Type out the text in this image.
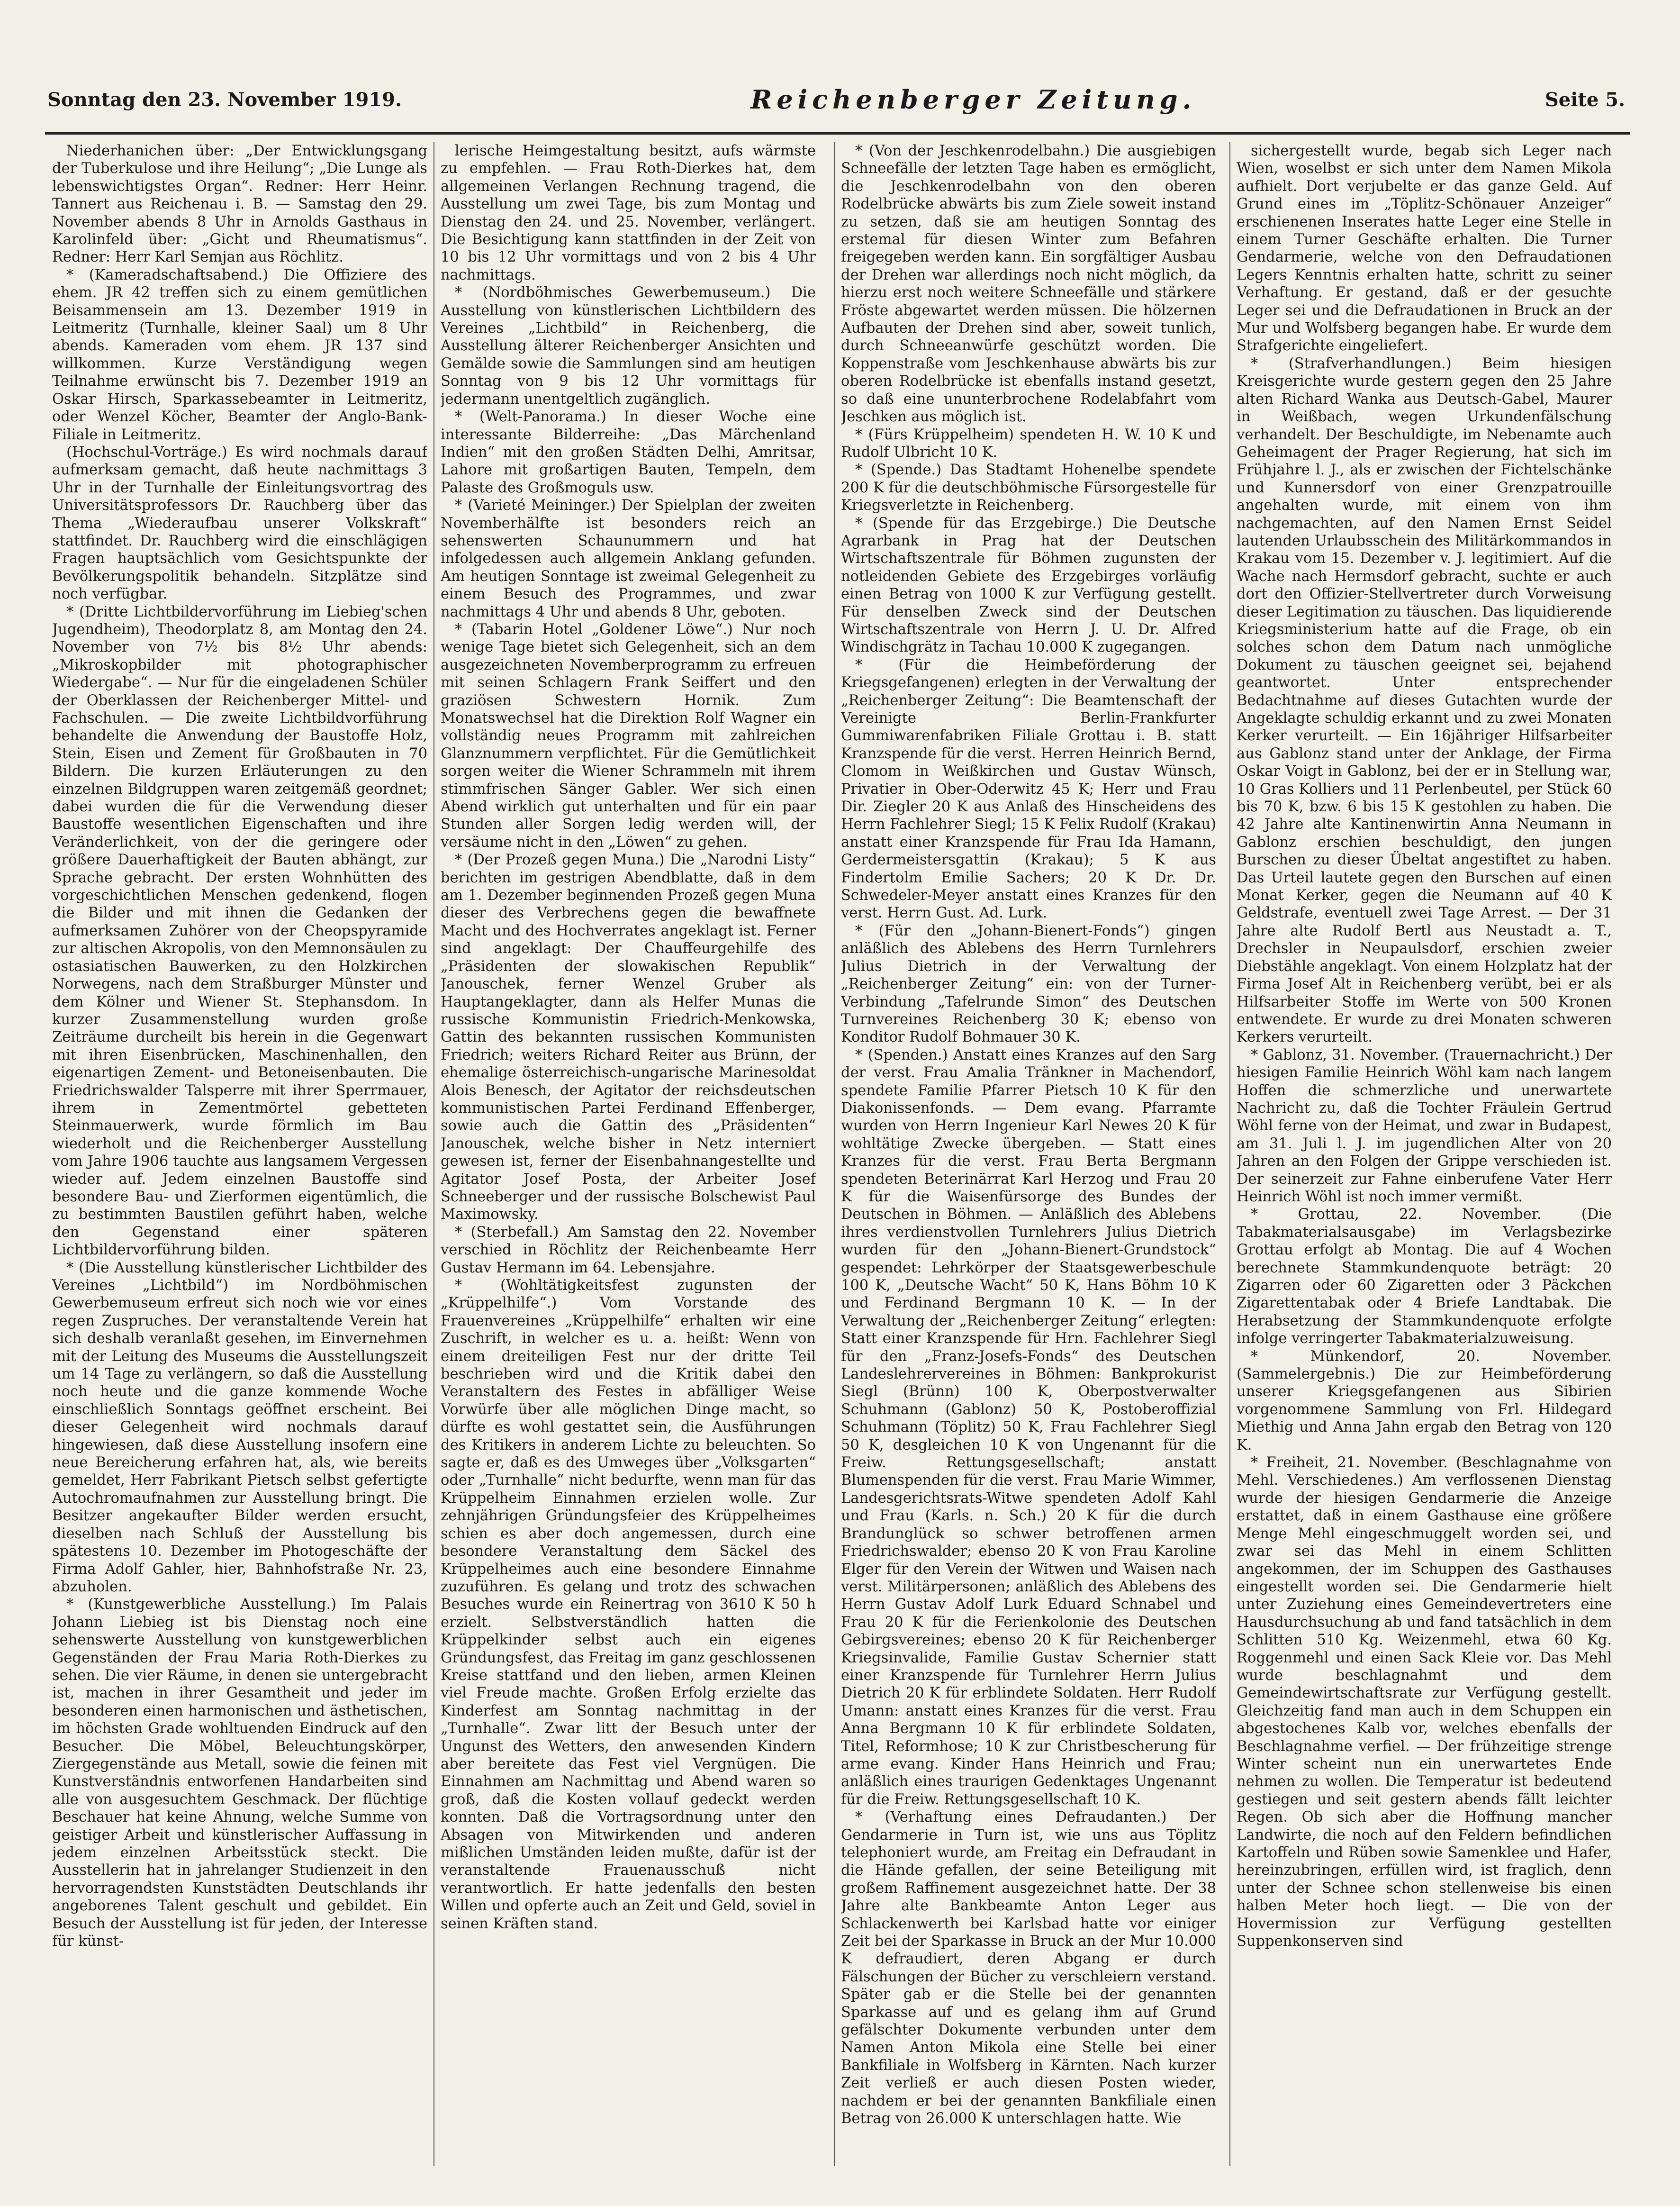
Sonntag den 23. November 1919.	Reichenberger Zeitung.	Seite 5.

Niederhanichen über: „Der Entwicklungsgang der Tuberkulose und ihre Heilung“; „Die Lunge als lebenswichtigstes Organ“. Redner: Herr Heinr. Tannert aus Reichenau i. B. — Samstag den 29. November abends 8 Uhr in Arnolds Gasthaus in Karolinfeld über: „Gicht und Rheumatismus“. Redner: Herr Karl Semjan aus Röchlitz.

* (Kameradschaftsabend.) Die Offiziere des ehem. JR 42 treffen sich zu einem gemütlichen Beisammensein am 13. Dezember 1919 in Leitmeritz (Turnhalle, kleiner Saal) um 8 Uhr abends. Kameraden vom ehem. JR 137 sind willkommen. Kurze Verständigung wegen Teilnahme erwünscht bis 7. Dezember 1919 an Oskar Hirsch, Sparkassebeamter in Leitmeritz, oder Wenzel Köcher, Beamter der Anglo-Bank-Filiale in Leitmeritz.

(Hochschul-Vorträge.) Es wird nochmals darauf aufmerksam gemacht, daß heute nachmittags 3 Uhr in der Turnhalle der Einleitungsvortrag des Universitätsprofessors Dr. Rauchberg über das Thema „Wiederaufbau unserer Volkskraft“ stattfindet. Dr. Rauchberg wird die einschlägigen Fragen hauptsächlich vom Gesichtspunkte der Bevölkerungspolitik behandeln. Sitzplätze sind noch verfügbar.

* (Dritte Lichtbildervorführung im Liebieg'schen Jugendheim), Theodorplatz 8, am Montag den 24. November von 7½ bis 8½ Uhr abends: „Mikroskopbilder mit photographischer Wiedergabe“. — Nur für die eingeladenen Schüler der Oberklassen der Reichenberger Mittel- und Fachschulen. — Die zweite Lichtbildvorführung behandelte die Anwendung der Baustoffe Holz, Stein, Eisen und Zement für Großbauten in 70 Bildern. Die kurzen Erläuterungen zu den einzelnen Bildgruppen waren zeitgemäß geordnet; dabei wurden die für die Verwendung dieser Baustoffe wesentlichen Eigenschaften und ihre Veränderlichkeit, von der die geringere oder größere Dauerhaftigkeit der Bauten abhängt, zur Sprache gebracht. Der ersten Wohnhütten des vorgeschichtlichen Menschen gedenkend, flogen die Bilder und mit ihnen die Gedanken der aufmerksamen Zuhörer von der Cheopspyramide zur altischen Akropolis, von den Memnonsäulen zu ostasiatischen Bauwerken, zu den Holzkirchen Norwegens, nach dem Straßburger Münster und dem Kölner und Wiener St. Stephansdom. In kurzer Zusammenstellung wurden große Zeiträume durcheilt bis herein in die Gegenwart mit ihren Eisenbrücken, Maschinenhallen, den eigenartigen Zement- und Betoneisenbauten. Die Friedrichswalder Talsperre mit ihrer Sperrmauer, ihrem in Zementmörtel gebetteten Steinmauerwerk, wurde förmlich im Bau wiederholt und die Reichenberger Ausstellung vom Jahre 1906 tauchte aus langsamem Vergessen wieder auf. Jedem einzelnen Baustoffe sind besondere Bau- und Zierformen eigentümlich, die zu bestimmten Baustilen geführt haben, welche den Gegenstand einer späteren Lichtbildervorführung bilden.

* (Die Ausstellung künstlerischer Lichtbilder des Vereines „Lichtbild“) im Nordböhmischen Gewerbemuseum erfreut sich noch wie vor eines regen Zuspruches. Der veranstaltende Verein hat sich deshalb veranlaßt gesehen, im Einvernehmen mit der Leitung des Museums die Ausstellungszeit um 14 Tage zu verlängern, so daß die Ausstellung noch heute und die ganze kommende Woche einschließlich Sonntags geöffnet erscheint. Bei dieser Gelegenheit wird nochmals darauf hingewiesen, daß diese Ausstellung insofern eine neue Bereicherung erfahren hat, als, wie bereits gemeldet, Herr Fabrikant Pietsch selbst gefertigte Autochromaufnahmen zur Ausstellung bringt. Die Besitzer angekaufter Bilder werden ersucht, dieselben nach Schluß der Ausstellung bis spätestens 10. Dezember im Photogeschäfte der Firma Adolf Gahler, hier, Bahnhofstraße Nr. 23, abzuholen.

* (Kunstgewerbliche Ausstellung.) Im Palais Johann Liebieg ist bis Dienstag noch eine sehenswerte Ausstellung von kunstgewerblichen Gegenständen der Frau Maria Roth-Dierkes zu sehen. Die vier Räume, in denen sie untergebracht ist, machen in ihrer Gesamtheit und jeder im besonderen einen harmonischen und ästhetischen, im höchsten Grade wohltuenden Eindruck auf den Besucher. Die Möbel, Beleuchtungskörper, Ziergegenstände aus Metall, sowie die feinen mit Kunstverständnis entworfenen Handarbeiten sind alle von ausgesuchtem Geschmack. Der flüchtige Beschauer hat keine Ahnung, welche Summe von geistiger Arbeit und künstlerischer Auffassung in jedem einzelnen Arbeitsstück steckt. Die Ausstellerin hat in jahrelanger Studienzeit in den hervorragendsten Kunststädten Deutschlands ihr angeborenes Talent geschult und gebildet. Ein Besuch der Ausstellung ist für jeden, der Interesse für künst-

lerische Heimgestaltung besitzt, aufs wärmste zu empfehlen. — Frau Roth-Dierkes hat, dem allgemeinen Verlangen Rechnung tragend, die Ausstellung um zwei Tage, bis zum Montag und Dienstag den 24. und 25. November, verlängert. Die Besichtigung kann stattfinden in der Zeit von 10 bis 12 Uhr vormittags und von 2 bis 4 Uhr nachmittags.

* (Nordböhmisches Gewerbemuseum.) Die Ausstellung von künstlerischen Lichtbildern des Vereines „Lichtbild“ in Reichenberg, die Ausstellung älterer Reichenberger Ansichten und Gemälde sowie die Sammlungen sind am heutigen Sonntag von 9 bis 12 Uhr vormittags für jedermann unentgeltlich zugänglich.

* (Welt-Panorama.) In dieser Woche eine interessante Bilderreihe: „Das Märchenland Indien“ mit den großen Städten Delhi, Amritsar, Lahore mit großartigen Bauten, Tempeln, dem Palaste des Großmoguls usw.

* (Varieté Meininger.) Der Spielplan der zweiten Novemberhälfte ist besonders reich an sehenswerten Schaunummern und hat infolgedessen auch allgemein Anklang gefunden. Am heutigen Sonntage ist zweimal Gelegenheit zu einem Besuch des Programmes, und zwar nachmittags 4 Uhr und abends 8 Uhr, geboten.

* (Tabarin Hotel „Goldener Löwe“.) Nur noch wenige Tage bietet sich Gelegenheit, sich an dem ausgezeichneten Novemberprogramm zu erfreuen mit seinen Schlagern Frank Seiffert und den graziösen Schwestern Hornik. Zum Monatswechsel hat die Direktion Rolf Wagner ein vollständig neues Programm mit zahlreichen Glanznummern verpflichtet. Für die Gemütlichkeit sorgen weiter die Wiener Schrammeln mit ihrem stimmfrischen Sänger Gabler. Wer sich einen Abend wirklich gut unterhalten und für ein paar Stunden aller Sorgen ledig werden will, der versäume nicht in den „Löwen“ zu gehen.

* (Der Prozeß gegen Muna.) Die „Narodni Listy“ berichten im gestrigen Abendblatte, daß in dem am 1. Dezember beginnenden Prozeß gegen Muna dieser des Verbrechens gegen die bewaffnete Macht und des Hochverrates angeklagt ist. Ferner sind angeklagt: Der Chauffeurgehilfe des „Präsidenten der slowakischen Republik“ Janouschek, ferner Wenzel Gruber als Hauptangeklagter, dann als Helfer Munas die russische Kommunistin Friedrich-Menkowska, Gattin des bekannten russischen Kommunisten Friedrich; weiters Richard Reiter aus Brünn, der ehemalige österreichisch-ungarische Marinesoldat Alois Benesch, der Agitator der reichsdeutschen kommunistischen Partei Ferdinand Effenberger, sowie auch die Gattin des „Präsidenten“ Janouschek, welche bisher in Netz interniert gewesen ist, ferner der Eisenbahnangestellte und Agitator Josef Posta, der Arbeiter Josef Schneeberger und der russische Bolschewist Paul Maximowsky.

* (Sterbefall.) Am Samstag den 22. November verschied in Röchlitz der Reichenbeamte Herr Gustav Hermann im 64. Lebensjahre.

* (Wohltätigkeitsfest zugunsten der „Krüppelhilfe“.) Vom Vorstande des Frauenvereines „Krüppelhilfe“ erhalten wir eine Zuschrift, in welcher es u. a. heißt: Wenn von einem dreiteiligen Fest nur der dritte Teil beschrieben wird und die Kritik dabei den Veranstaltern des Festes in abfälliger Weise Vorwürfe über alle möglichen Dinge macht, so dürfte es wohl gestattet sein, die Ausführungen des Kritikers in anderem Lichte zu beleuchten. So sagte er, daß es des Umweges über „Volksgarten“ oder „Turnhalle“ nicht bedurfte, wenn man für das Krüppelheim Einnahmen erzielen wolle. Zur zehnjährigen Gründungsfeier des Krüppelheimes schien es aber doch angemessen, durch eine besondere Veranstaltung dem Säckel des Krüppelheimes auch eine besondere Einnahme zuzuführen. Es gelang und trotz des schwachen Besuches wurde ein Reinertrag von 3610 K 50 h erzielt. Selbstverständlich hatten die Krüppelkinder selbst auch ein eigenes Gründungsfest, das Freitag im ganz geschlossenen Kreise stattfand und den lieben, armen Kleinen viel Freude machte. Großen Erfolg erzielte das Kinderfest am Sonntag nachmittag in der „Turnhalle“. Zwar litt der Besuch unter der Ungunst des Wetters, den anwesenden Kindern aber bereitete das Fest viel Vergnügen. Die Einnahmen am Nachmittag und Abend waren so groß, daß die Kosten vollauf gedeckt werden konnten. Daß die Vortragsordnung unter den Absagen von Mitwirkenden und anderen mißlichen Umständen leiden mußte, dafür ist der veranstaltende Frauenausschuß nicht verantwortlich. Er hatte jedenfalls den besten Willen und opferte auch an Zeit und Geld, soviel in seinen Kräften stand.

* (Von der Jeschkenrodelbahn.) Die ausgiebigen Schneefälle der letzten Tage haben es ermöglicht, die Jeschkenrodelbahn von den oberen Rodelbrücke abwärts bis zum Ziele soweit instand zu setzen, daß sie am heutigen Sonntag des erstemal für diesen Winter zum Befahren freigegeben werden kann. Ein sorgfältiger Ausbau der Drehen war allerdings noch nicht möglich, da hierzu erst noch weitere Schneefälle und stärkere Fröste abgewartet werden müssen. Die hölzernen Aufbauten der Drehen sind aber, soweit tunlich, durch Schneeanwürfe geschützt worden. Die Koppenstraße vom Jeschkenhause abwärts bis zur oberen Rodelbrücke ist ebenfalls instand gesetzt, so daß eine ununterbrochene Rodelabfahrt vom Jeschken aus möglich ist.

* (Fürs Krüppelheim) spendeten H. W. 10 K und Rudolf Ulbricht 10 K.

* (Spende.) Das Stadtamt Hohenelbe spendete 200 K für die deutschböhmische Fürsorgestelle für Kriegsverletzte in Reichenberg.

* (Spende für das Erzgebirge.) Die Deutsche Agrarbank in Prag hat der Deutschen Wirtschaftszentrale für Böhmen zugunsten der notleidenden Gebiete des Erzgebirges vorläufig einen Betrag von 1000 K zur Verfügung gestellt. Für denselben Zweck sind der Deutschen Wirtschaftszentrale von Herrn J. U. Dr. Alfred Windischgrätz in Tachau 10.000 K zugegangen.

* (Für die Heimbeförderung der Kriegsgefangenen) erlegten in der Verwaltung der „Reichenberger Zeitung“: Die Beamtenschaft der Vereinigte Berlin-Frankfurter Gummiwarenfabriken Filiale Grottau i. B. statt Kranzspende für die verst. Herren Heinrich Bernd, Clomom in Weißkirchen und Gustav Wünsch, Privatier in Ober-Oderwitz 45 K; Herr und Frau Dir. Ziegler 20 K aus Anlaß des Hinscheidens des Herrn Fachlehrer Siegl; 15 K Felix Rudolf (Krakau) anstatt einer Kranzspende für Frau Ida Hamann, Gerdermeistersgattin (Krakau); 5 K aus Findertolm Emilie Sachers; 20 K Dr. Dr. Schwedeler-Meyer anstatt eines Kranzes für den verst. Herrn Gust. Ad. Lurk.

* (Für den „Johann-Bienert-Fonds“) gingen anläßlich des Ablebens des Herrn Turnlehrers Julius Dietrich in der Verwaltung der „Reichenberger Zeitung“ ein: von der Turner-Verbindung „Tafelrunde Simon“ des Deutschen Turnvereines Reichenberg 30 K; ebenso von Konditor Rudolf Bohmauer 30 K.

* (Spenden.) Anstatt eines Kranzes auf den Sarg der verst. Frau Amalia Tränkner in Machendorf, spendete Familie Pfarrer Pietsch 10 K für den Diakonissenfonds. — Dem evang. Pfarramte wurden von Herrn Ingenieur Karl Newes 20 K für wohltätige Zwecke übergeben. — Statt eines Kranzes für die verst. Frau Berta Bergmann spendeten Beterinärrat Karl Herzog und Frau 20 K für die Waisenfürsorge des Bundes der Deutschen in Böhmen. — Anläßlich des Ablebens ihres verdienstvollen Turnlehrers Julius Dietrich wurden für den „Johann-Bienert-Grundstock“ gespendet: Lehrkörper der Staatsgewerbeschule 100 K, „Deutsche Wacht“ 50 K, Hans Böhm 10 K und Ferdinand Bergmann 10 K. — In der Verwaltung der „Reichenberger Zeitung“ erlegten: Statt einer Kranzspende für Hrn. Fachlehrer Siegl für den „Franz-Josefs-Fonds“ des Deutschen Landeslehrervereines in Böhmen: Bankprokurist Siegl (Brünn) 100 K, Oberpostverwalter Schuhmann (Gablonz) 50 K, Postoberoffizial Schuhmann (Töplitz) 50 K, Frau Fachlehrer Siegl 50 K, desgleichen 10 K von Ungenannt für die Freiw. Rettungsgesellschaft; anstatt Blumenspenden für die verst. Frau Marie Wimmer, Landesgerichtsrats-Witwe spendeten Adolf Kahl und Frau (Karls. n. Sch.) 20 K für die durch Brandunglück so schwer betroffenen armen Friedrichswalder; ebenso 20 K von Frau Karoline Elger für den Verein der Witwen und Waisen nach verst. Militärpersonen; anläßlich des Ablebens des Herrn Gustav Adolf Lurk Eduard Schnabel und Frau 20 K für die Ferienkolonie des Deutschen Gebirgsvereines; ebenso 20 K für Reichenberger Kriegsinvalide, Familie Gustav Schernier statt einer Kranzspende für Turnlehrer Herrn Julius Dietrich 20 K für erblindete Soldaten. Herr Rudolf Umann: anstatt eines Kranzes für die verst. Frau Anna Bergmann 10 K für erblindete Soldaten, Titel, Reformhose; 10 K zur Christbescherung für arme evang. Kinder Hans Heinrich und Frau; anläßlich eines traurigen Gedenktages Ungenannt für die Freiw. Rettungsgesellschaft 10 K.

* (Verhaftung eines Defraudanten.) Der Gendarmerie in Turn ist, wie uns aus Töplitz telephoniert wurde, am Freitag ein Defraudant in die Hände gefallen, der seine Beteiligung mit großem Raffinement ausgezeichnet hatte. Der 38 Jahre alte Bankbeamte Anton Leger aus Schlackenwerth bei Karlsbad hatte vor einiger Zeit bei der Sparkasse in Bruck an der Mur 10.000 K defraudiert, deren Abgang er durch Fälschungen der Bücher zu verschleiern verstand. Später gab er die Stelle bei der genannten Sparkasse auf und es gelang ihm auf Grund gefälschter Dokumente verbunden unter dem Namen Anton Mikola eine Stelle bei einer Bankfiliale in Wolfsberg in Kärnten. Nach kurzer Zeit verließ er auch diesen Posten wieder, nachdem er bei der genannten Bankfiliale einen Betrag von 26.000 K unterschlagen hatte. Wie

sichergestellt wurde, begab sich Leger nach Wien, woselbst er sich unter dem Namen Mikola aufhielt. Dort verjubelte er das ganze Geld. Auf Grund eines im „Töplitz-Schönauer Anzeiger“ erschienenen Inserates hatte Leger eine Stelle in einem Turner Geschäfte erhalten. Die Turner Gendarmerie, welche von den Defraudationen Legers Kenntnis erhalten hatte, schritt zu seiner Verhaftung. Er gestand, daß er der gesuchte Leger sei und die Defraudationen in Bruck an der Mur und Wolfsberg begangen habe. Er wurde dem Strafgerichte eingeliefert.

* (Strafverhandlungen.) Beim hiesigen Kreisgerichte wurde gestern gegen den 25 Jahre alten Richard Wanka aus Deutsch-Gabel, Maurer in Weißbach, wegen Urkundenfälschung verhandelt. Der Beschuldigte, im Nebenamte auch Geheimagent der Prager Regierung, hat sich im Frühjahre l. J., als er zwischen der Fichtelschänke und Kunnersdorf von einer Grenzpatrouille angehalten wurde, mit einem von ihm nachgemachten, auf den Namen Ernst Seidel lautenden Urlaubsschein des Militärkommandos in Krakau vom 15. Dezember v. J. legitimiert. Auf die Wache nach Hermsdorf gebracht, suchte er auch dort den Offizier-Stellvertreter durch Vorweisung dieser Legitimation zu täuschen. Das liquidierende Kriegsministerium hatte auf die Frage, ob ein solches schon dem Datum nach unmögliche Dokument zu täuschen geeignet sei, bejahend geantwortet. Unter entsprechender Bedachtnahme auf dieses Gutachten wurde der Angeklagte schuldig erkannt und zu zwei Monaten Kerker verurteilt. — Ein 16jähriger Hilfsarbeiter aus Gablonz stand unter der Anklage, der Firma Oskar Voigt in Gablonz, bei der er in Stellung war, 10 Gras Kolliers und 11 Perlenbeutel, per Stück 60 bis 70 K, bzw. 6 bis 15 K gestohlen zu haben. Die 42 Jahre alte Kantinenwirtin Anna Neumann in Gablonz erschien beschuldigt, den jungen Burschen zu dieser Übeltat angestiftet zu haben. Das Urteil lautete gegen den Burschen auf einen Monat Kerker, gegen die Neumann auf 40 K Geldstrafe, eventuell zwei Tage Arrest. — Der 31 Jahre alte Rudolf Bertl aus Neustadt a. T., Drechsler in Neupaulsdorf, erschien zweier Diebstähle angeklagt. Von einem Holzplatz hat der Firma Josef Alt in Reichenberg verübt, bei er als Hilfsarbeiter Stoffe im Werte von 500 Kronen entwendete. Er wurde zu drei Monaten schweren Kerkers verurteilt.

* Gablonz, 31. November. (Trauernachricht.) Der hiesigen Familie Heinrich Wöhl kam nach langem Hoffen die schmerzliche und unerwartete Nachricht zu, daß die Tochter Fräulein Gertrud Wöhl ferne von der Heimat, und zwar in Budapest, am 31. Juli l. J. im jugendlichen Alter von 20 Jahren an den Folgen der Grippe verschieden ist. Der seinerzeit zur Fahne einberufene Vater Herr Heinrich Wöhl ist noch immer vermißt.

* Grottau, 22. November. (Die Tabakmaterialsausgabe) im Verlagsbezirke Grottau erfolgt ab Montag. Die auf 4 Wochen berechnete Stammkundenquote beträgt: 20 Zigarren oder 60 Zigaretten oder 3 Päckchen Zigarettentabak oder 4 Briefe Landtabak. Die Herabsetzung der Stammkundenquote erfolgte infolge verringerter Tabakmaterialzuweisung.

* Münkendorf, 20. November. (Sammelergebnis.) Die zur Heimbeförderung unserer Kriegsgefangenen aus Sibirien vorgenommene Sammlung von Frl. Hildegard Miethig und Anna Jahn ergab den Betrag von 120 K.

* Freiheit, 21. November. (Beschlagnahme von Mehl. Verschiedenes.) Am verflossenen Dienstag wurde der hiesigen Gendarmerie die Anzeige erstattet, daß in einem Gasthause eine größere Menge Mehl eingeschmuggelt worden sei, und zwar sei das Mehl in einem Schlitten angekommen, der im Schuppen des Gasthauses eingestellt worden sei. Die Gendarmerie hielt unter Zuziehung eines Gemeindevertreters eine Hausdurchsuchung ab und fand tatsächlich in dem Schlitten 510 Kg. Weizenmehl, etwa 60 Kg. Roggenmehl und einen Sack Kleie vor. Das Mehl wurde beschlagnahmt und dem Gemeindewirtschaftsrate zur Verfügung gestellt. Gleichzeitig fand man auch in dem Schuppen ein abgestochenes Kalb vor, welches ebenfalls der Beschlagnahme verfiel. — Der frühzeitige strenge Winter scheint nun ein unerwartetes Ende nehmen zu wollen. Die Temperatur ist bedeutend gestiegen und seit gestern abends fällt leichter Regen. Ob sich aber die Hoffnung mancher Landwirte, die noch auf den Feldern befindlichen Kartoffeln und Rüben sowie Samenklee und Hafer, hereinzubringen, erfüllen wird, ist fraglich, denn unter der Schnee schon stellenweise bis einen halben Meter hoch liegt. — Die von der Hovermission zur Verfügung gestellten Suppenkonserven sind
